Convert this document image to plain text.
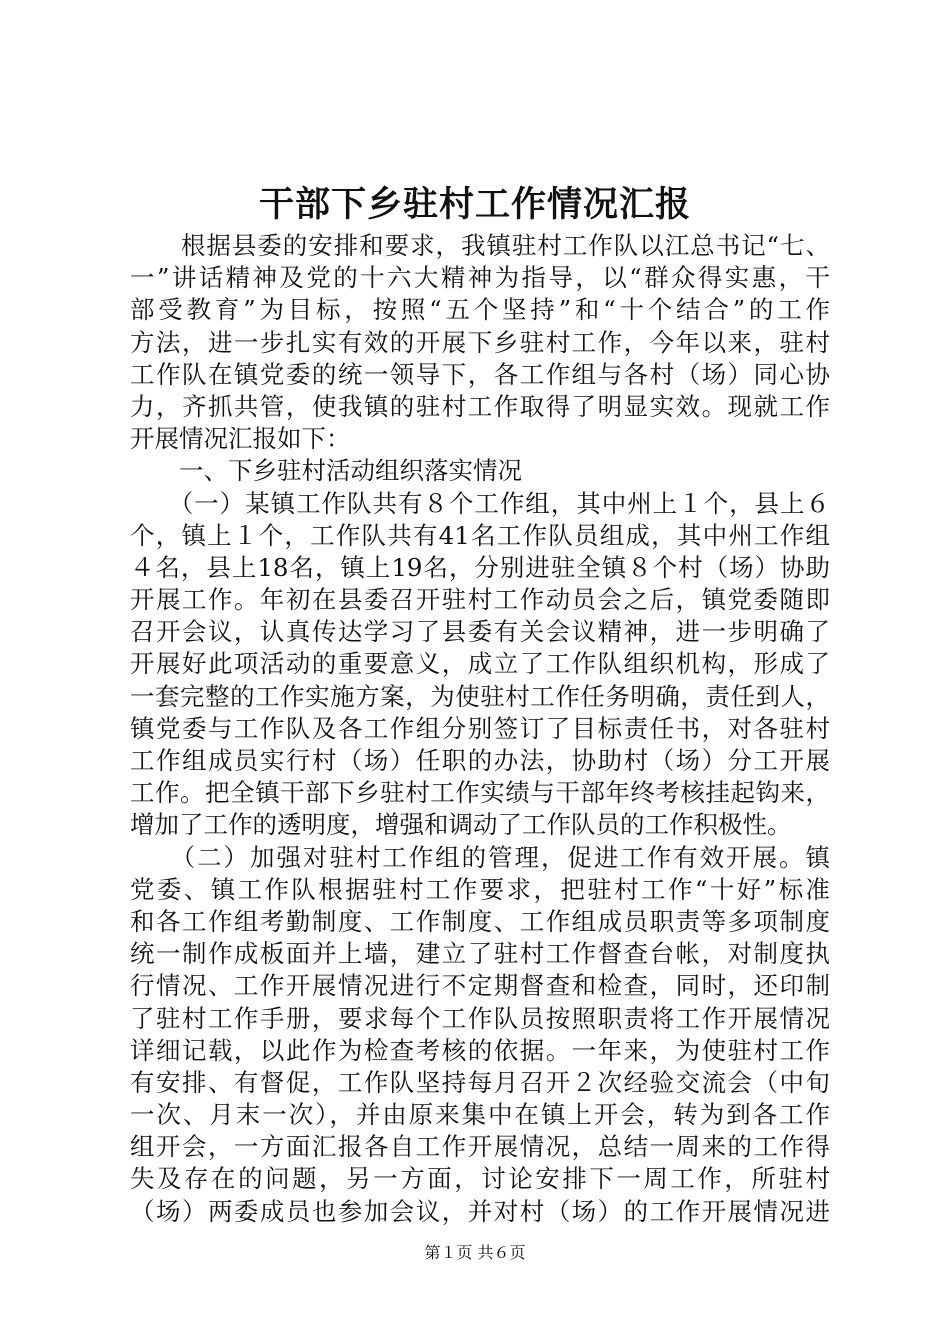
干部下乡驻村工作情况汇报
　　根据县委的安排和要求，我镇驻村工作队以江总书记“七、
一”讲话精神及党的十六大精神为指导，以“群众得实惠，干
部受教育”为目标，按照“五个坚持”和“十个结合”的工作
方法，进一步扎实有效的开展下乡驻村工作，今年以来，驻村
工作队在镇党委的统一领导下，各工作组与各村（场）同心协
力，齐抓共管，使我镇的驻村工作取得了明显实效。现就工作
开展情况汇报如下：
　　一、下乡驻村活动组织落实情况
　　（一）某镇工作队共有８个工作组，其中州上１个，县上６
个，镇上１个，工作队共有41名工作队员组成，其中州工作组
４名，县上18名，镇上19名，分别进驻全镇８个村（场）协助
开展工作。年初在县委召开驻村工作动员会之后，镇党委随即
召开会议，认真传达学习了县委有关会议精神，进一步明确了
开展好此项活动的重要意义，成立了工作队组织机构，形成了
一套完整的工作实施方案，为使驻村工作任务明确，责任到人，
镇党委与工作队及各工作组分别签订了目标责任书，对各驻村
工作组成员实行村（场）任职的办法，协助村（场）分工开展
工作。把全镇干部下乡驻村工作实绩与干部年终考核挂起钩来，
增加了工作的透明度，增强和调动了工作队员的工作积极性。
　　（二）加强对驻村工作组的管理，促进工作有效开展。镇
党委、镇工作队根据驻村工作要求，把驻村工作“十好”标准
和各工作组考勤制度、工作制度、工作组成员职责等多项制度
统一制作成板面并上墙，建立了驻村工作督查台帐，对制度执
行情况、工作开展情况进行不定期督查和检查，同时，还印制
了驻村工作手册，要求每个工作队员按照职责将工作开展情况
详细记载，以此作为检查考核的依据。一年来，为使驻村工作
有安排、有督促，工作队坚持每月召开２次经验交流会（中旬
一次、月末一次），并由原来集中在镇上开会，转为到各工作
组开会，一方面汇报各自工作开展情况，总结一周来的工作得
失及存在的问题，另一方面，讨论安排下一周工作，所驻村
（场）两委成员也参加会议，并对村（场）的工作开展情况进
第１页 共６页
